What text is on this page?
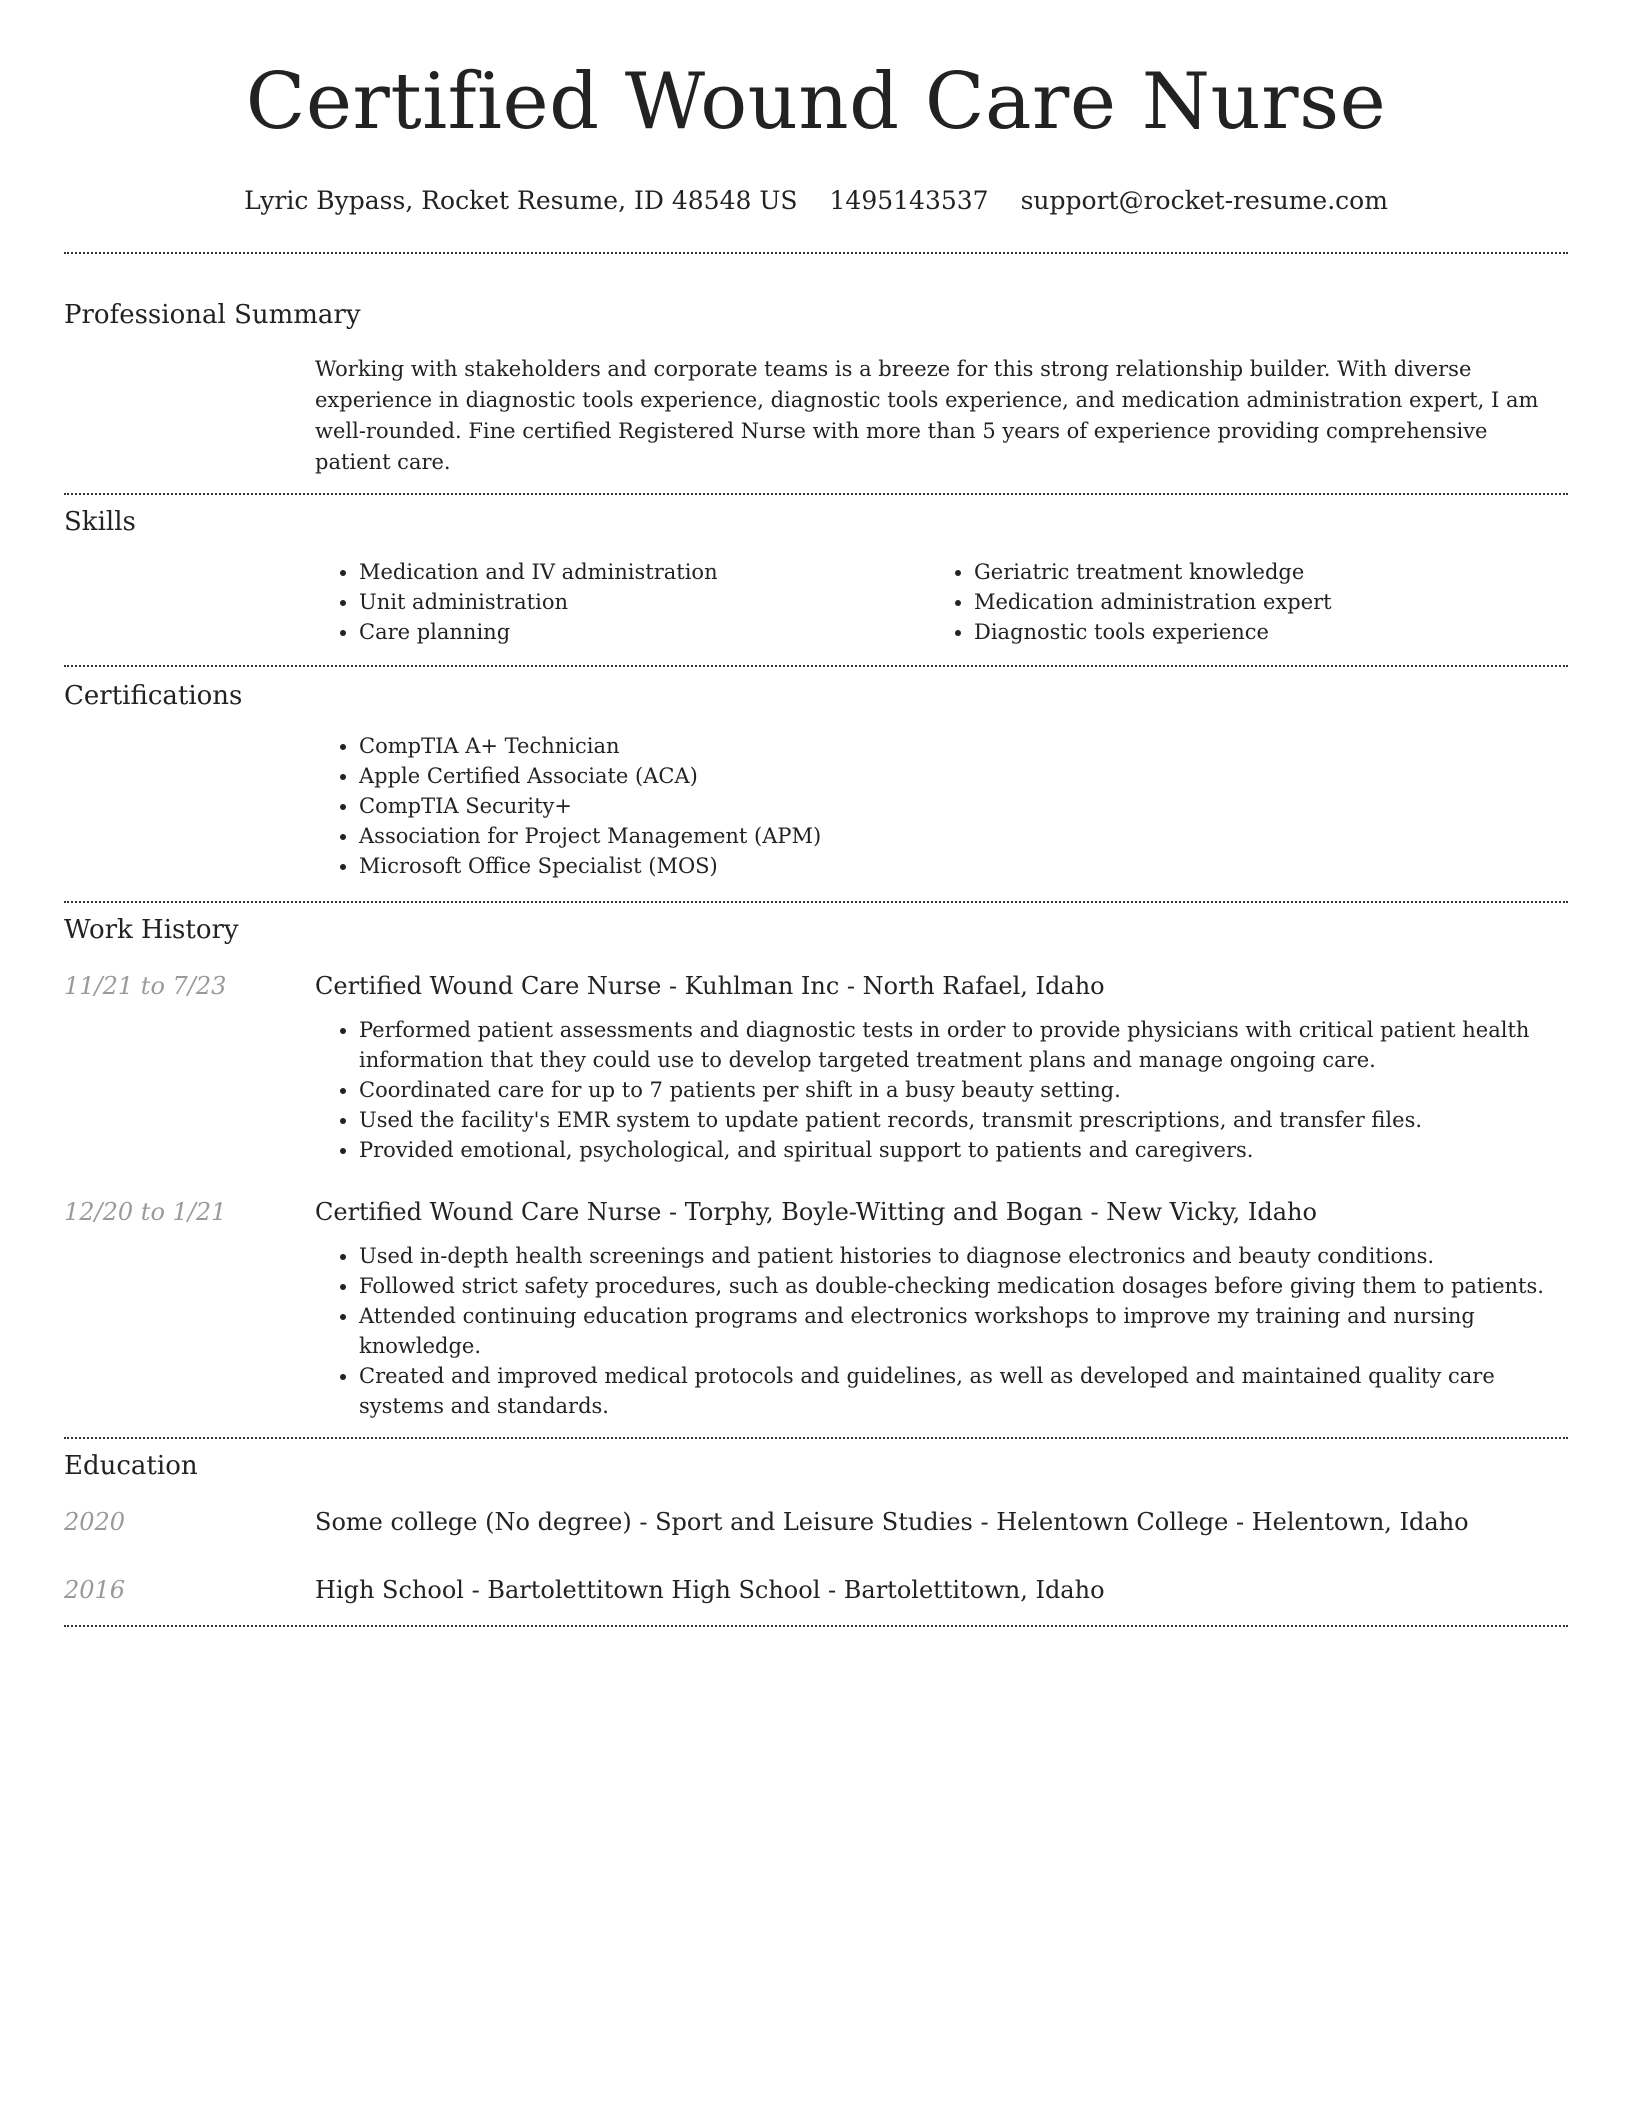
Certified Wound Care Nurse
Lyric Bypass, Rocket Resume, ID 48548 US 1495143537 support@rocket-resume.com
Professional Summary

Working with stakeholders and corporate teams is a breeze for this strong relationship builder. With diverse experience in diagnostic tools experience, diagnostic tools experience, and medication administration expert, I am well-rounded. Fine certified Registered Nurse with more than 5 years of experience providing comprehensive patient care.

Skills
• Medication and IV administration
• Unit administration
• Care planning
• Geriatric treatment knowledge
• Medication administration expert
• Diagnostic tools experience
Certifications
• CompTIA A+ Technician
• Apple Certified Associate (ACA)
• CompTIA Security+
• Association for Project Management (APM)
• Microsoft Office Specialist (MOS)
Work History
11/21 to 7/23	Certified Wound Care Nurse - Kuhlman Inc - North Rafael, Idaho
• Performed patient assessments and diagnostic tests in order to provide physicians with critical patient health information that they could use to develop targeted treatment plans and manage ongoing care.
• Coordinated care for up to 7 patients per shift in a busy beauty setting.
• Used the facility's EMR system to update patient records, transmit prescriptions, and transfer files.
• Provided emotional, psychological, and spiritual support to patients and caregivers.
12/20 to 1/21	Certified Wound Care Nurse - Torphy, Boyle-Witting and Bogan - New Vicky, Idaho
• Used in-depth health screenings and patient histories to diagnose electronics and beauty conditions.
• Followed strict safety procedures, such as double-checking medication dosages before giving them to patients.
• Attended continuing education programs and electronics workshops to improve my training and nursing knowledge.
• Created and improved medical protocols and guidelines, as well as developed and maintained quality care systems and standards.
Education
2020	Some college (No degree) - Sport and Leisure Studies - Helentown College - Helentown, Idaho
2016	High School - Bartolettitown High School - Bartolettitown, Idaho
